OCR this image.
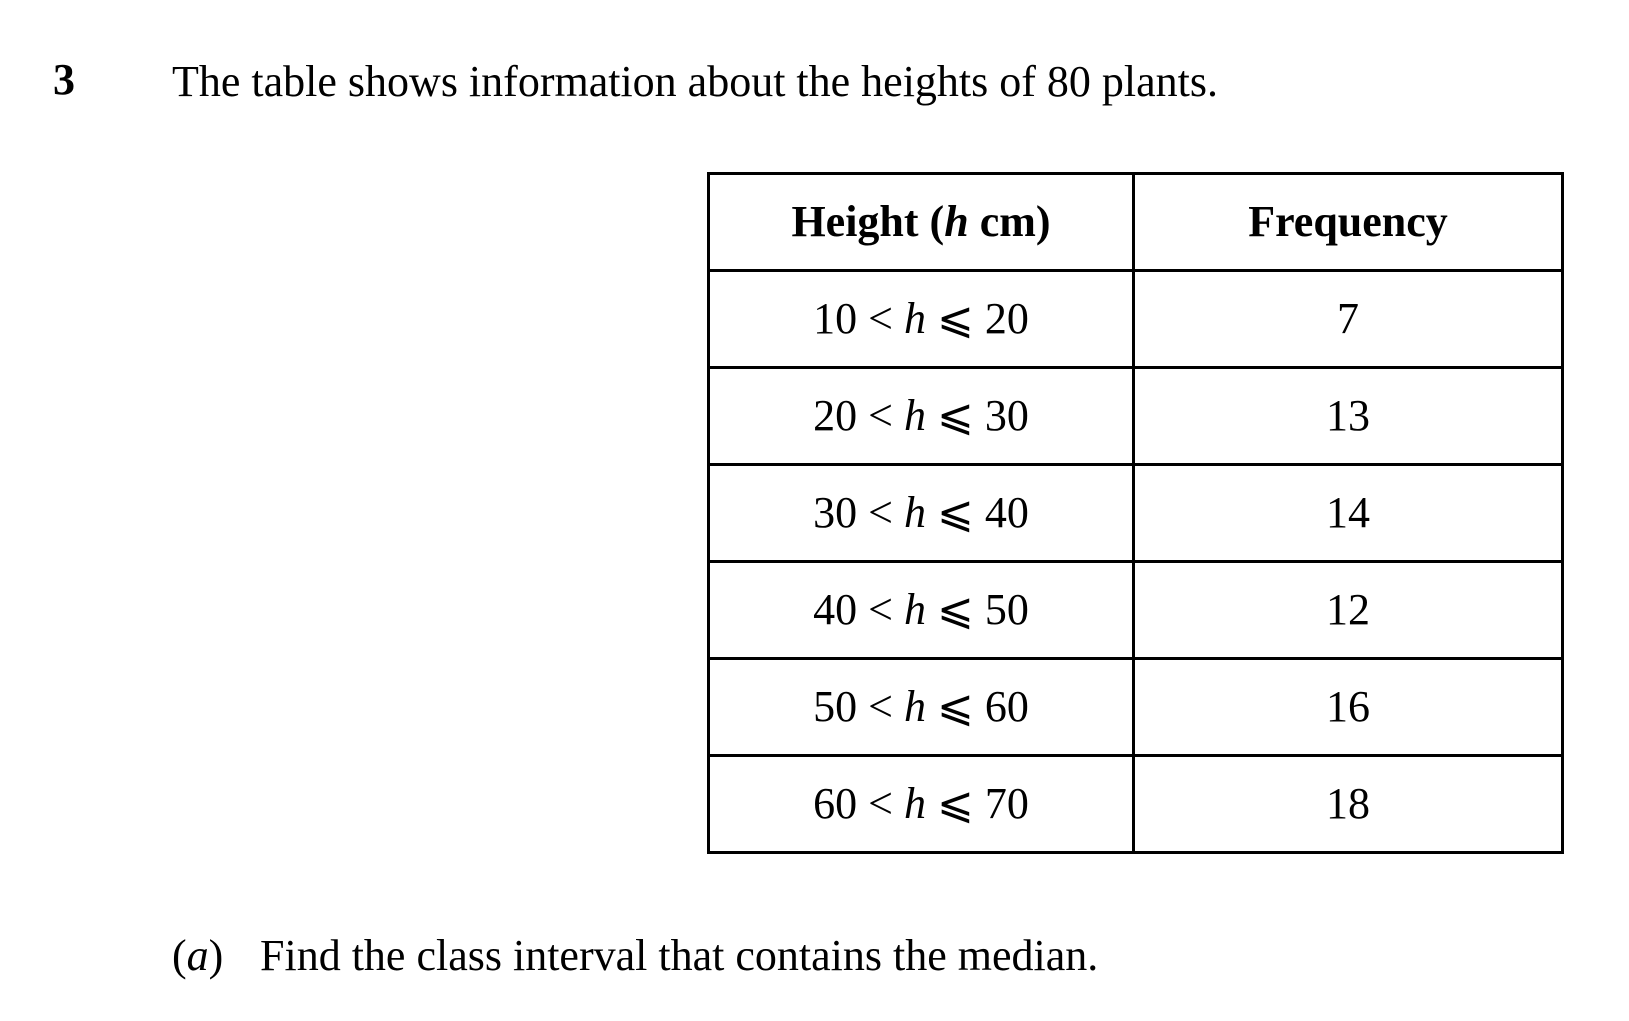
3 The table shows information about the heights of 80 plants.
Height (h cm)	Frequency
10 < h ⩽ 20	7
20 < h ⩽ 30	13
30 < h ⩽ 40	14
40 < h ⩽ 50	12
50 < h ⩽ 60	16
60 < h ⩽ 70	18
(a) Find the class interval that contains the median.
